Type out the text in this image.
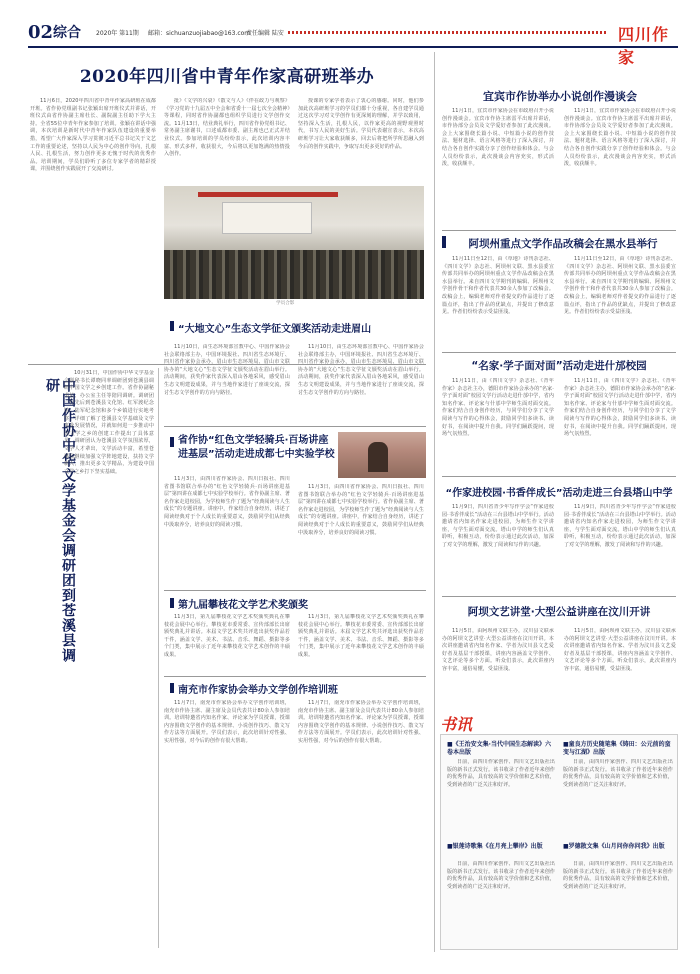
02 综合	2020年 第11期 邮箱：sichuanzuojiabao@163.com
责任编辑 陆安	四川作家
2020年四川省中青年作家高研班举办

11月6日，2020年四川省中青年作家高研班在成都开班。省作协党组副书记张颖出席开班仪式并讲话，开班仪式由省作协副主席杜长、副院副主任助下学大主持。全省55位中青年作家参加了培训。张颖在讲话中强调，本次培训是新时代中青年作家队伍建设的重要举措，希望广大作家深入学习贯彻习近平总书记关于文艺工作的重要论述，坚持以人民为中心的创作导向，扎根人民、扎根生活，努力创作更多无愧于时代的优秀作品。培训期间，学员们聆听了多位专家学者的精彩授课，并围绕创作实践展开了交流研讨。

批》《文学的兴衰》《散文与人》《伴在政力与观察》《学习党的十九届五中全会和省委十一届七次全会精神》等课程，同时省作协副都也组织学员进行文学创作交流。11月13日，结业典礼举行，四川省作协党组书记、常务副主席谢书，口述成都市委、副主席也已正式并结业仪式。参加培训的学员纷纷表示，此次培训内容丰富、形式多样，收获很大，今后将以更加饱满的热情投入创作。

授课的专家学者表示了衷心的感谢。同时，他们参加此次高研班学习的学员们都十分重视，各自建学员通过这次学习对文学创作有更深刻的理解，并学以致用，坚持深入生活，扎根人民，以作家更高的视野观照时代，书写人民的美好生活。学员代表谢宣表示，本次高研班学习让大家收获颇多，回去后将把所学所思融入到今后的创作实践中，争取写出更多更好的作品。

学员合影
中国作协中华文学基金会调研团到苍溪县调研

10月31日，中国作协中华文学基金会副秘书长谭晓同率调研团到苍溪县调研中国文学之乡创建工作。省作协副秘书长、办公室主任等陪同调研。调研团一行先后到苍溪县文化馆、红军渡纪念馆、陆军纪念馆和多个乡镇进行实地考察，详细了解了苍溪县文学基础及文学事业发展情况，并就如何进一步推动中国文学之乡的创建工作提出了具体意见。调研团认为苍溪县文学氛围浓厚，文学人才辈出，文学活动丰富，希望苍溪县继续加强文学阵地建设，扶持文学新人，推出更多文学精品，为建设中国文学之乡打下坚实基础。

“大地文心”生态文学征文颁奖活动走进眉山

11月10日，由生态环境部宣教中心、中国作家协会社会联络部主办，中国环境报社、四川省生态环境厅、四川省作家协会承办，眉山市生态环境局、眉山市文联协办的“大地文心”生态文学征文颁奖活动在眉山举行。活动期间，获奖作家代表深入眉山各地采风，感受眉山生态文明建设成果，并与当地作家进行了座谈交流，探讨生态文学创作的方向与路径。

11月10日，由生态环境部宣教中心、中国作家协会社会联络部主办，中国环境报社、四川省生态环境厅、四川省作家协会承办，眉山市生态环境局、眉山市文联协办的“大地文心”生态文学征文颁奖活动在眉山举行。活动期间，获奖作家代表深入眉山各地采风，感受眉山生态文明建设成果，并与当地作家进行了座谈交流，探讨生态文学创作的方向与路径。

省作协“红色文学轻骑兵·百场讲座进基层”活动走进成都七中实验学校

11月3日，由四川省作家协会、四川日报社、四川省图书馆联合举办的“红色文学轻骑兵·百场讲座进基层”第四讲在成都七中实验学校举行。省作协副主席、著名作家走进校园，为学校师生作了题为“经典阅读与人生成长”的专题讲座。讲座中，作家结合自身经历，讲述了阅读经典对于个人成长的重要意义，鼓励同学们从经典中汲取养分，培养良好的阅读习惯。

11月3日，由四川省作家协会、四川日报社、四川省图书馆联合举办的“红色文学轻骑兵·百场讲座进基层”第四讲在成都七中实验学校举行。省作协副主席、著名作家走进校园，为学校师生作了题为“经典阅读与人生成长”的专题讲座。讲座中，作家结合自身经历，讲述了阅读经典对于个人成长的重要意义，鼓励同学们从经典中汲取养分，培养良好的阅读习惯。

第九届攀枝花文学艺术奖颁奖

11月3日，第九届攀枝花文学艺术奖颁奖典礼在攀枝花会展中心举行。攀枝花市委常委、宣传部部长出席颁奖典礼并讲话。本届文学艺术奖共评选出获奖作品若干件，涵盖文学、美术、书法、音乐、舞蹈、摄影等多个门类，集中展示了近年来攀枝花文学艺术创作的丰硕成果。

11月3日，第九届攀枝花文学艺术奖颁奖典礼在攀枝花会展中心举行。攀枝花市委常委、宣传部部长出席颁奖典礼并讲话。本届文学艺术奖共评选出获奖作品若干件，涵盖文学、美术、书法、音乐、舞蹈、摄影等多个门类，集中展示了近年来攀枝花文学艺术创作的丰硕成果。

南充市作家协会举办文学创作培训班

11月7日，南充市作家协会举办文学创作培训班，南充市作协主席、副主席及会员代表共计80余人参加培训。培训特邀省内知名作家、评论家为学员授课，授课内容围绕文学创作的基本规律、小说创作技巧、散文写作方法等方面展开。学员们表示，此次培训针对性强、实用性强，对今后的创作有很大帮助。

11月7日，南充市作家协会举办文学创作培训班，南充市作协主席、副主席及会员代表共计80余人参加培训。培训特邀省内知名作家、评论家为学员授课，授课内容围绕文学创作的基本规律、小说创作技巧、散文写作方法等方面展开。学员们表示，此次培训针对性强、实用性强，对今后的创作有很大帮助。

宜宾市作协举办小说创作漫谈会

11月1日，宜宾市作家协会在市政府召开小说创作漫谈会。宜宾市作协主席雷平出席并讲话，市作协部分会员及文学爱好者参加了此次漫谈。会上大家围绕长篇小说、中短篇小说的创作技法、题材选择、语言风格等进行了深入探讨，并结合各自创作实践分享了创作经验和体会。与会人员纷纷表示，此次漫谈会内容充实，形式活泼，收获颇丰。

11月1日，宜宾市作家协会在市政府召开小说创作漫谈会。宜宾市作协主席雷平出席并讲话，市作协部分会员及文学爱好者参加了此次漫谈。会上大家围绕长篇小说、中短篇小说的创作技法、题材选择、语言风格等进行了深入探讨，并结合各自创作实践分享了创作经验和体会。与会人员纷纷表示，此次漫谈会内容充实，形式活泼，收获颇丰。

阿坝州重点文学作品改稿会在黑水县举行

11月11日至12日，由《草地》诗刊杂志社、《四川文学》杂志社、阿坝州文联、黑水县委宣传部共同举办的阿坝州重点文学作品改稿会在黑水县举行。来自四川文学期刊的编辑、阿坝州文学创作骨干和作者代表共30余人参加了改稿会。改稿会上，编辑老师对作者提交的作品进行了逐篇点评，指出了作品的优缺点，并提出了修改意见。作者们纷纷表示受益匪浅。

11月11日至12日，由《草地》诗刊杂志社、《四川文学》杂志社、阿坝州文联、黑水县委宣传部共同举办的阿坝州重点文学作品改稿会在黑水县举行。来自四川文学期刊的编辑、阿坝州文学创作骨干和作者代表共30余人参加了改稿会。改稿会上，编辑老师对作者提交的作品进行了逐篇点评，指出了作品的优缺点，并提出了修改意见。作者们纷纷表示受益匪浅。

“名家·学子面对面”活动走进什邡校园

11月11日，由《四川文学》杂志社、《青年作家》杂志社主办，德阳市作家协会承办的“名家·学子面对面”校园文学行活动走进什邡中学，省内知名作家、评论家与什邡中学师生面对面交流。作家们结合自身创作经历，与同学们分享了文学阅读与写作的心得体会，鼓励同学们多读书、读好书，在阅读中提升自我。同学们踊跃提问，现场气氛热烈。

11月11日，由《四川文学》杂志社、《青年作家》杂志社主办，德阳市作家协会承办的“名家·学子面对面”校园文学行活动走进什邡中学，省内知名作家、评论家与什邡中学师生面对面交流。作家们结合自身创作经历，与同学们分享了文学阅读与写作的心得体会，鼓励同学们多读书、读好书，在阅读中提升自我。同学们踊跃提问，现场气氛热烈。

“作家进校园·书香伴成长”活动走进三台县塔山中学

11月9日，四川省青少年写作学会“作家进校园·书香伴成长”活动在三台县塔山中学举行。活动邀请省内知名作家走进校园，为师生作文学讲座，与学生面对面交流。塔山中学的师生们认真聆听，积极互动，纷纷表示通过此次活动，加深了对文学的理解，激发了阅读和写作的兴趣。

11月9日，四川省青少年写作学会“作家进校园·书香伴成长”活动在三台县塔山中学举行。活动邀请省内知名作家走进校园，为师生作文学讲座，与学生面对面交流。塔山中学的师生们认真聆听，积极互动，纷纷表示通过此次活动，加深了对文学的理解，激发了阅读和写作的兴趣。

阿坝文艺讲堂·大型公益讲座在汶川开讲

11月5日，由阿坝州文联主办，汶川县文联承办的阿坝文艺讲堂·大型公益讲座在汶川开讲。本次讲座邀请省内知名作家、学者为汶川县文艺爱好者及基层干部授课，讲座内容涵盖文学创作、文艺评论等多个方面。听众们表示，此次讲座内容丰富，通俗易懂，受益匪浅。

11月5日，由阿坝州文联主办，汶川县文联承办的阿坝文艺讲堂·大型公益讲座在汶川开讲。本次讲座邀请省内知名作家、学者为汶川县文艺爱好者及基层干部授课，讲座内容涵盖文学创作、文艺评论等多个方面。听众们表示，此次讲座内容丰富，通俗易懂，受益匪浅。

书讯
■《王治安文集·当代中国生态解读》六卷本出版

日前，由四川作家创作、四川文艺出版社出版的新书正式发行。该书收录了作者近年来创作的优秀作品，具有较高的文学价值和艺术价值，受到读者的广泛关注和好评。

■银莲诗歌集《在月亮上攀岸》出版

日前，由四川作家创作、四川文艺出版社出版的新书正式发行。该书收录了作者近年来创作的优秀作品，具有较高的文学价值和艺术价值，受到读者的广泛关注和好评。

■童良方历史随笔集《铸田：公元前的蛮变与江湖》出版

日前，由四川作家创作、四川文艺出版社出版的新书正式发行。该书收录了作者近年来创作的优秀作品，具有较高的文学价值和艺术价值，受到读者的广泛关注和好评。

■罗德散文集《山月问你你问我》出版

日前，由四川作家创作、四川文艺出版社出版的新书正式发行。该书收录了作者近年来创作的优秀作品，具有较高的文学价值和艺术价值，受到读者的广泛关注和好评。
